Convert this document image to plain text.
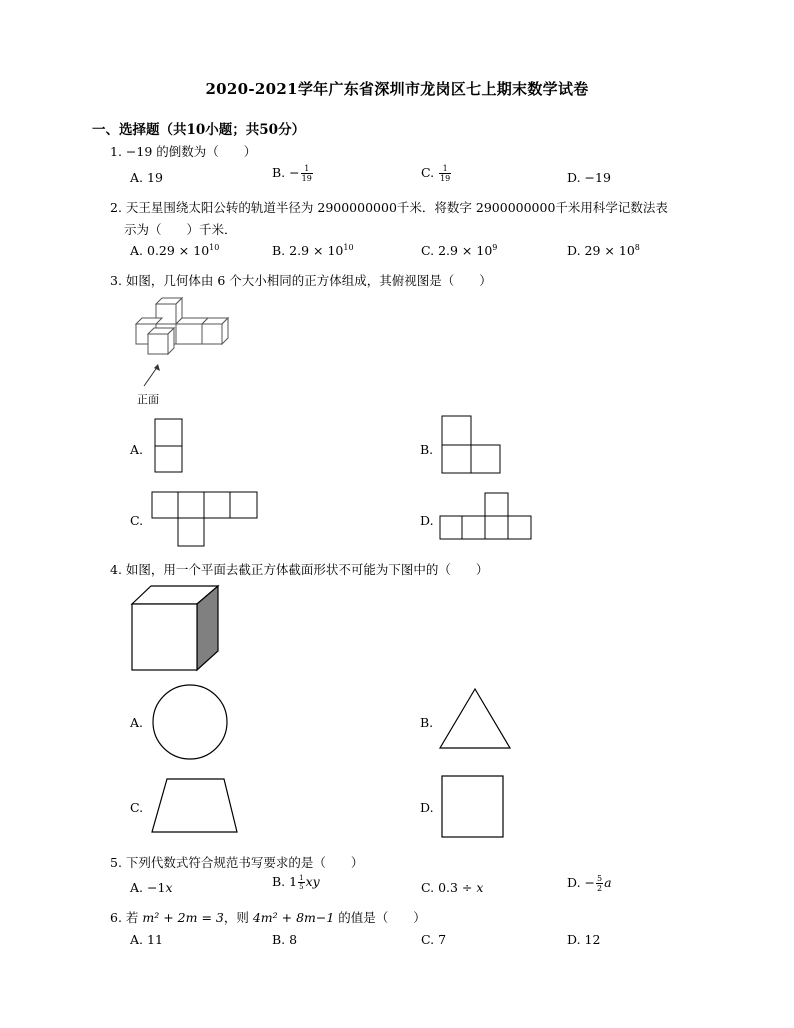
2020-2021学年广东省深圳市龙岗区七上期末数学试卷
一、选择题（共10小题；共50分）
1. −19 的倒数为（　　）
A. 19	B. − $\frac{1}{19}$	C. $\frac{1}{19}$	D. −19
2. 天王星围绕太阳公转的轨道半径为 2900000000千米．将数字 2900000000千米用科学记数法表
示为（　　）千米．
A. $0.29 \times 10^{10}$	B. $2.9 \times 10^{10}$	C. $2.9 \times 10^9$	D. $29 \times 10^8$
3. 如图，几何体由 6 个大小相同的正方体组成，其俯视图是（　　）
正面
A.	B.
C.	D.
4. 如图，用一个平面去截正方体截面形状不可能为下图中的（　　）
A.	B.
C.	D.
5. 下列代数式符合规范书写要求的是（　　）
A. −1x	B. $1 \frac{1}{5}$ xy	C. 0.3 ÷ x	D. − $\frac{5}{2}$ a
6. 若 m² + 2m = 3，则 4m² + 8m−1 的值是（　　）
A. 11	B. 8	C. 7	D. 12
